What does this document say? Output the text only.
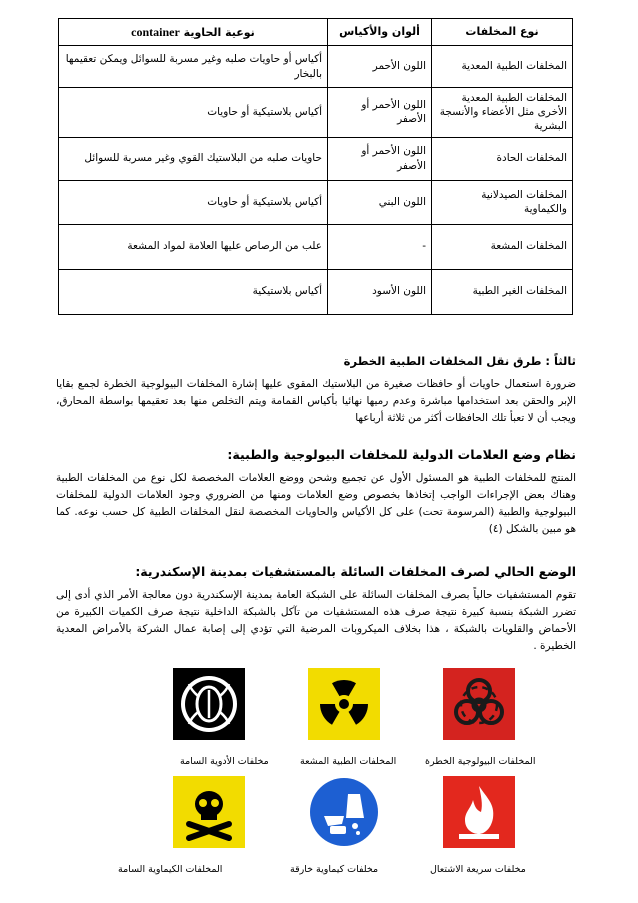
نوع المخلفات	ألوان والأكياس	نوعية الحاوية container
المخلفات الطبية المعدية	اللون الأحمر	أكياس أو حاويات صلبه وغير مسربة للسوائل ويمكن تعقيمها بالبخار
المخلفات الطبية المعدية الأخرى مثل الأعضاء والأنسجة البشرية	اللون الأحمر أو الأصفر	أكياس بلاستيكية أو حاويات
المخلفات الحادة	اللون الأحمر أو الأصفر	حاويات صلبه من البلاستيك القوي وغير مسربة للسوائل
المخلفات الصيدلانية والكيماوية	اللون البني	أكياس بلاستيكية أو حاويات
المخلفات المشعة	-	علب من الرصاص عليها العلامة لمواد المشعة
المخلفات الغير الطبية	اللون الأسود	أكياس بلاستيكية
ثالثاً : طرق نقل المخلفات الطبية الخطرة
ضرورة استعمال حاويات أو حافظات صغيرة من البلاستيك المقوى عليها إشارة المخلفات البيولوجية الخطرة لجمع بقايا الإبر والحقن بعد استخدامها مباشرة وعدم رميها نهائيا بأكياس القمامة ويتم التخلص منها بعد تعقيمها بواسطة المحارق، ويجب أن لا تعبأ تلك الحافظات أكثر من ثلاثة أرباعها
نظام وضع العلامات الدولية للمخلفات البيولوجية والطبية:
المنتج للمخلفات الطبية هو المسئول الأول عن تجميع وشحن ووضع العلامات المخصصة لكل نوع من المخلفات الطبية وهناك بعض الإجراءات الواجب إتخاذها بخصوص وضع العلامات ومنها من الضروري وجود العلامات الدولية للمخلفات البيولوجية والطبية (المرسومة تحت) على كل الأكياس والحاويات المخصصة لنقل المخلفات الطبية كل حسب نوعه. كما هو مبين بالشكل (٤)
الوضع الحالي لصرف المخلفات السائلة بالمستشفيات بمدينة الإسكندرية:
تقوم المستشفيات حالياً بصرف المخلفات السائلة على الشبكة العامة بمدينة الإسكندرية دون معالجة الأمر الذي أدى إلى تضرر الشبكة بنسبة كبيرة نتيجة صرف هذه المستشفيات من تآكل بالشبكة الداخلية نتيجة صرف الكميات الكبيرة من الأحماض والقلويات بالشبكة ، هذا بخلاف الميكروبات المرضية التي تؤدي إلى إصابة عمال الشركة بالأمراض المعدية الخطيرة .
المخلفات البيولوجية الخطرة
المخلفات الطبية المشعة
مخلفات الأدوية السامة
مخلفات سريعة الاشتعال
مخلفات كيماوية خارقة
المخلفات الكيماوية السامة
